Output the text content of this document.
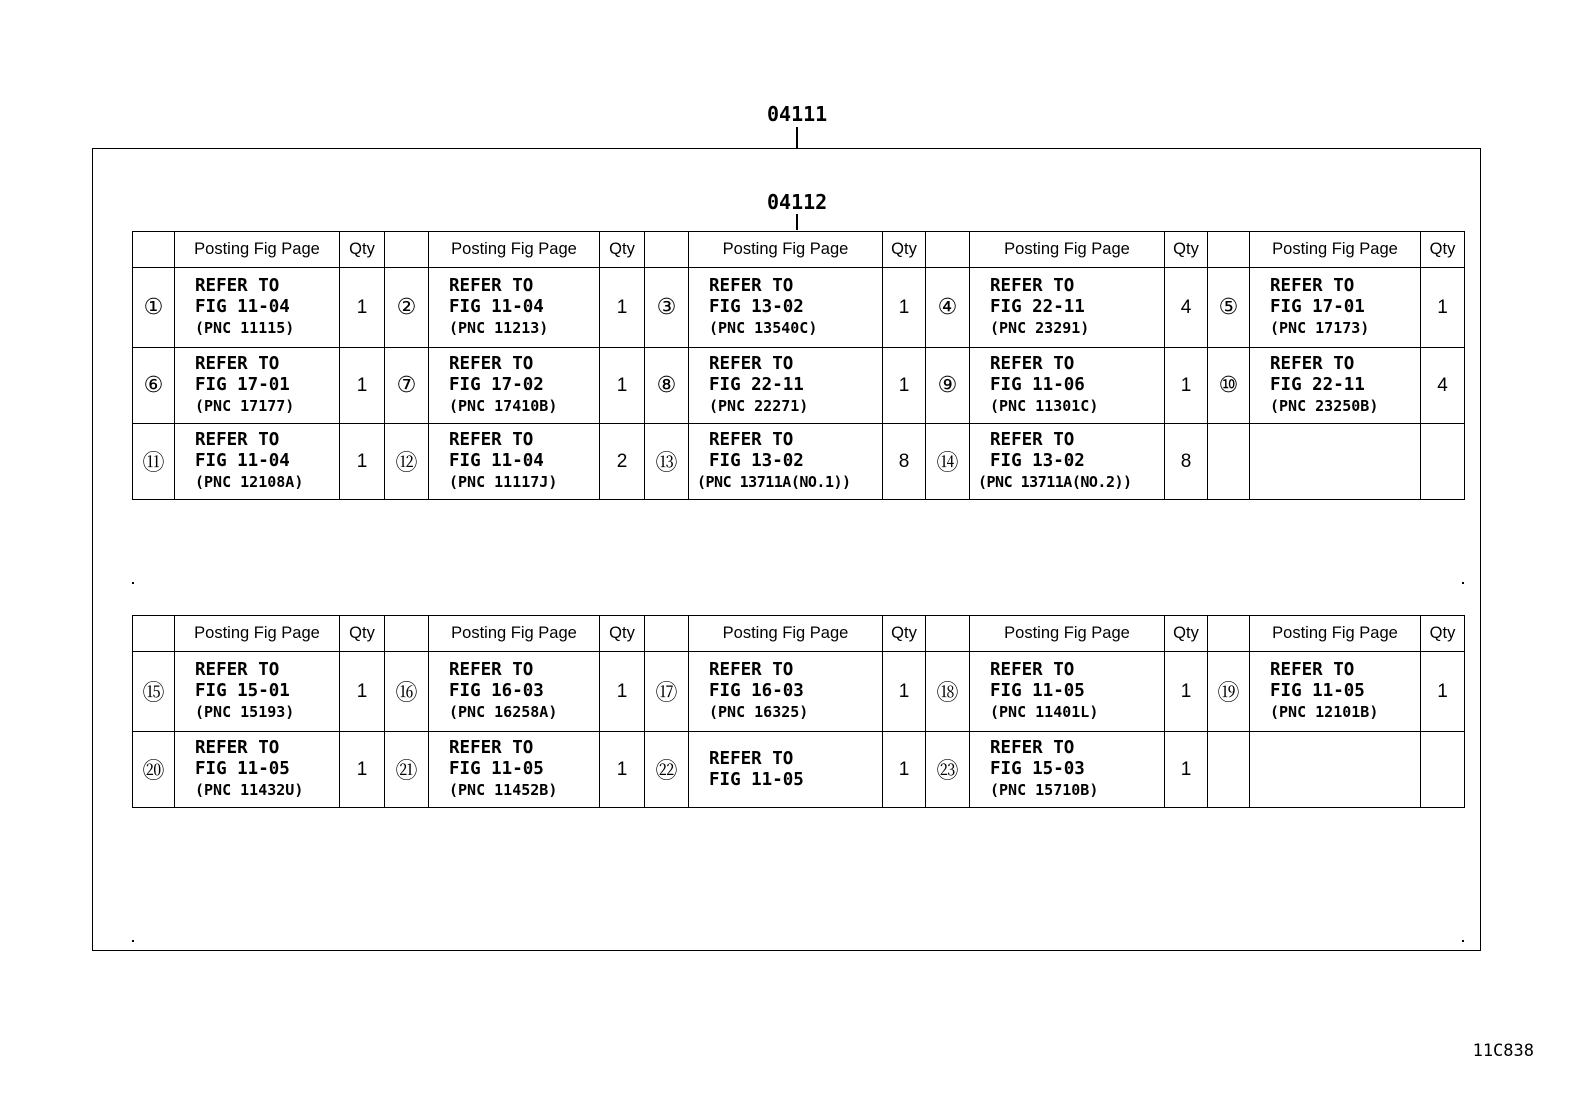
04111
04112
	Posting Fig Page	Qty		Posting Fig Page	Qty		Posting Fig Page	Qty		Posting Fig Page	Qty		Posting Fig Page	Qty
①	REFER TO
FIG 11-04
(PNC 11115)	1	②	REFER TO
FIG 11-04
(PNC 11213)	1	③	REFER TO
FIG 13-02
(PNC 13540C)	1	④	REFER TO
FIG 22-11
(PNC 23291)	4	⑤	REFER TO
FIG 17-01
(PNC 17173)	1
⑥	REFER TO
FIG 17-01
(PNC 17177)	1	⑦	REFER TO
FIG 17-02
(PNC 17410B)	1	⑧	REFER TO
FIG 22-11
(PNC 22271)	1	⑨	REFER TO
FIG 11-06
(PNC 11301C)	1	⑩	REFER TO
FIG 22-11
(PNC 23250B)	4
⑪	REFER TO
FIG 11-04
(PNC 12108A)	1	⑫	REFER TO
FIG 11-04
(PNC 11117J)	2	⑬	REFER TO
FIG 13-02
(PNC 13711A(NO.1))	8	⑭	REFER TO
FIG 13-02
(PNC 13711A(NO.2))	8		

	Posting Fig Page	Qty		Posting Fig Page	Qty		Posting Fig Page	Qty		Posting Fig Page	Qty		Posting Fig Page	Qty
⑮	REFER TO
FIG 15-01
(PNC 15193)	1	⑯	REFER TO
FIG 16-03
(PNC 16258A)	1	⑰	REFER TO
FIG 16-03
(PNC 16325)	1	⑱	REFER TO
FIG 11-05
(PNC 11401L)	1	⑲	REFER TO
FIG 11-05
(PNC 12101B)	1
⑳	REFER TO
FIG 11-05
(PNC 11432U)	1	㉑	REFER TO
FIG 11-05
(PNC 11452B)	1	㉒	REFER TO
FIG 11-05	1	㉓	REFER TO
FIG 15-03
(PNC 15710B)	1		

11C838
